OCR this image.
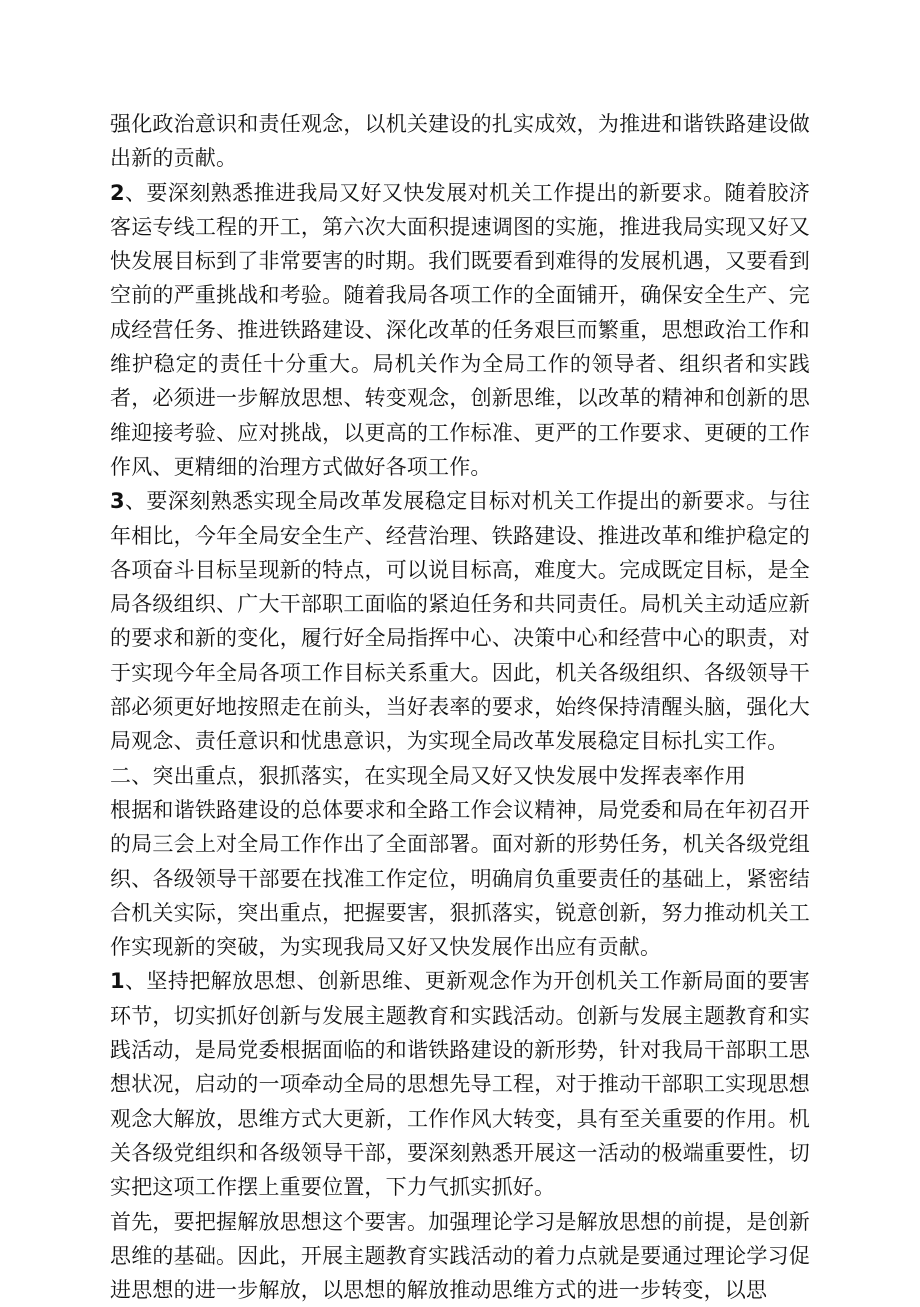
强化政治意识和责任观念，以机关建设的扎实成效，为推进和谐铁路建设做出新的贡献。

2、要深刻熟悉推进我局又好又快发展对机关工作提出的新要求。随着胶济客运专线工程的开工，第六次大面积提速调图的实施，推进我局实现又好又快发展目标到了非常要害的时期。我们既要看到难得的发展机遇，又要看到空前的严重挑战和考验。随着我局各项工作的全面铺开，确保安全生产、完成经营任务、推进铁路建设、深化改革的任务艰巨而繁重，思想政治工作和维护稳定的责任十分重大。局机关作为全局工作的领导者、组织者和实践者，必须进一步解放思想、转变观念，创新思维，以改革的精神和创新的思维迎接考验、应对挑战，以更高的工作标准、更严的工作要求、更硬的工作作风、更精细的治理方式做好各项工作。

3、要深刻熟悉实现全局改革发展稳定目标对机关工作提出的新要求。与往年相比，今年全局安全生产、经营治理、铁路建设、推进改革和维护稳定的各项奋斗目标呈现新的特点，可以说目标高，难度大。完成既定目标，是全局各级组织、广大干部职工面临的紧迫任务和共同责任。局机关主动适应新的要求和新的变化，履行好全局指挥中心、决策中心和经营中心的职责，对于实现今年全局各项工作目标关系重大。因此，机关各级组织、各级领导干部必须更好地按照走在前头，当好表率的要求，始终保持清醒头脑，强化大局观念、责任意识和忧患意识，为实现全局改革发展稳定目标扎实工作。

二、突出重点，狠抓落实，在实现全局又好又快发展中发挥表率作用

根据和谐铁路建设的总体要求和全路工作会议精神，局党委和局在年初召开的局三会上对全局工作作出了全面部署。面对新的形势任务，机关各级党组织、各级领导干部要在找准工作定位，明确肩负重要责任的基础上，紧密结合机关实际，突出重点，把握要害，狠抓落实，锐意创新，努力推动机关工作实现新的突破，为实现我局又好又快发展作出应有贡献。

1、坚持把解放思想、创新思维、更新观念作为开创机关工作新局面的要害环节，切实抓好创新与发展主题教育和实践活动。创新与发展主题教育和实践活动，是局党委根据面临的和谐铁路建设的新形势，针对我局干部职工思想状况，启动的一项牵动全局的思想先导工程，对于推动干部职工实现思想观念大解放，思维方式大更新，工作作风大转变，具有至关重要的作用。机关各级党组织和各级领导干部，要深刻熟悉开展这一活动的极端重要性，切实把这项工作摆上重要位置，下力气抓实抓好。

首先，要把握解放思想这个要害。加强理论学习是解放思想的前提，是创新思维的基础。因此，开展主题教育实践活动的着力点就是要通过理论学习促进思想的进一步解放，以思想的解放推动思维方式的进一步转变，以思
